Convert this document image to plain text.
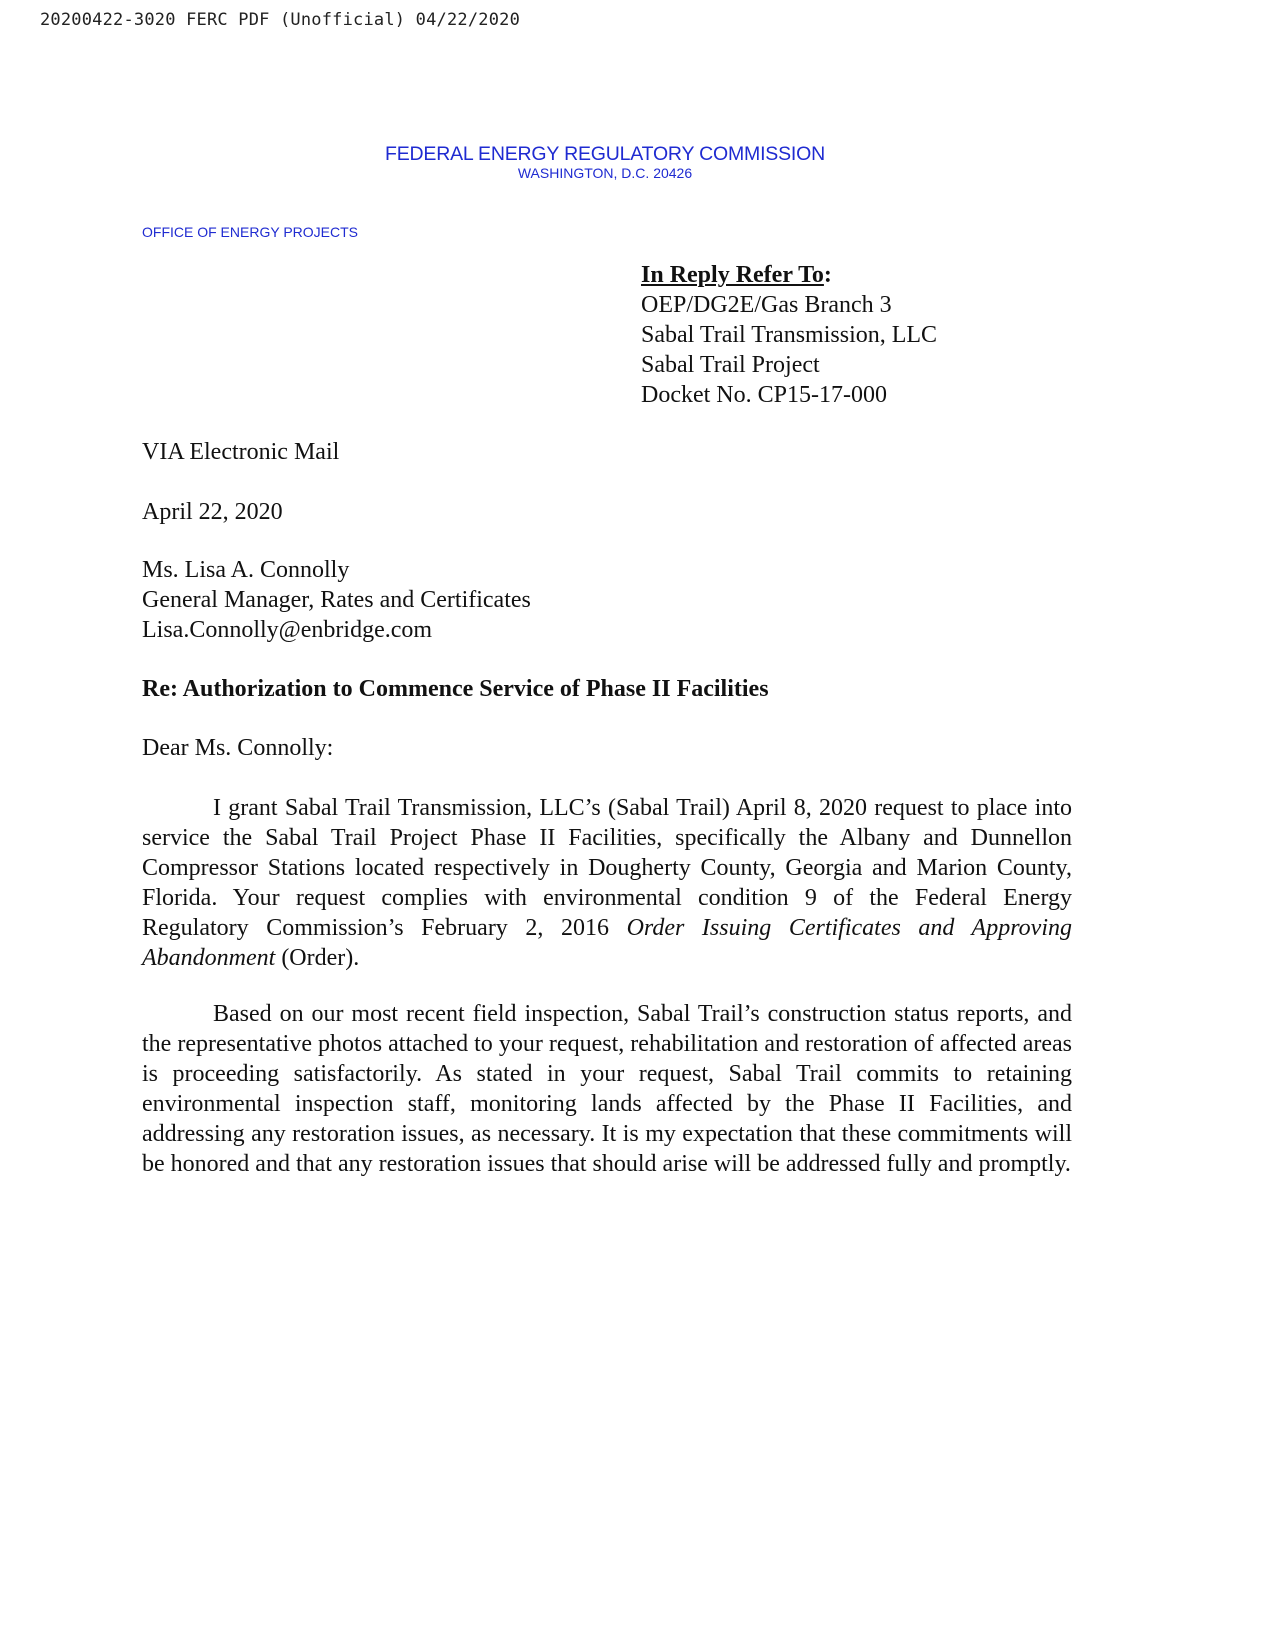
20200422-3020 FERC PDF (Unofficial) 04/22/2020
FEDERAL ENERGY REGULATORY COMMISSION
WASHINGTON, D.C. 20426
OFFICE OF ENERGY PROJECTS
In Reply Refer To:
OEP/DG2E/Gas Branch 3
Sabal Trail Transmission, LLC
Sabal Trail Project
Docket No. CP15-17-000
VIA Electronic Mail
April 22, 2020
Ms. Lisa A. Connolly
General Manager, Rates and Certificates
Lisa.Connolly@enbridge.com
Re: Authorization to Commence Service of Phase II Facilities
Dear Ms. Connolly:

I grant Sabal Trail Transmission, LLC’s (Sabal Trail) April 8, 2020 request to place into service the Sabal Trail Project Phase II Facilities, specifically the Albany and Dunnellon Compressor Stations located respectively in Dougherty County, Georgia and Marion County, Florida. Your request complies with environmental condition 9 of the Federal Energy Regulatory Commission’s February 2, 2016 Order Issuing Certificates and Approving Abandonment (Order).

Based on our most recent field inspection, Sabal Trail’s construction status reports, and the representative photos attached to your request, rehabilitation and restoration of affected areas is proceeding satisfactorily. As stated in your request, Sabal Trail commits to retaining environmental inspection staff, monitoring lands affected by the Phase II Facilities, and addressing any restoration issues, as necessary. It is my expectation that these commitments will be honored and that any restoration issues that should arise will be addressed fully and promptly.
